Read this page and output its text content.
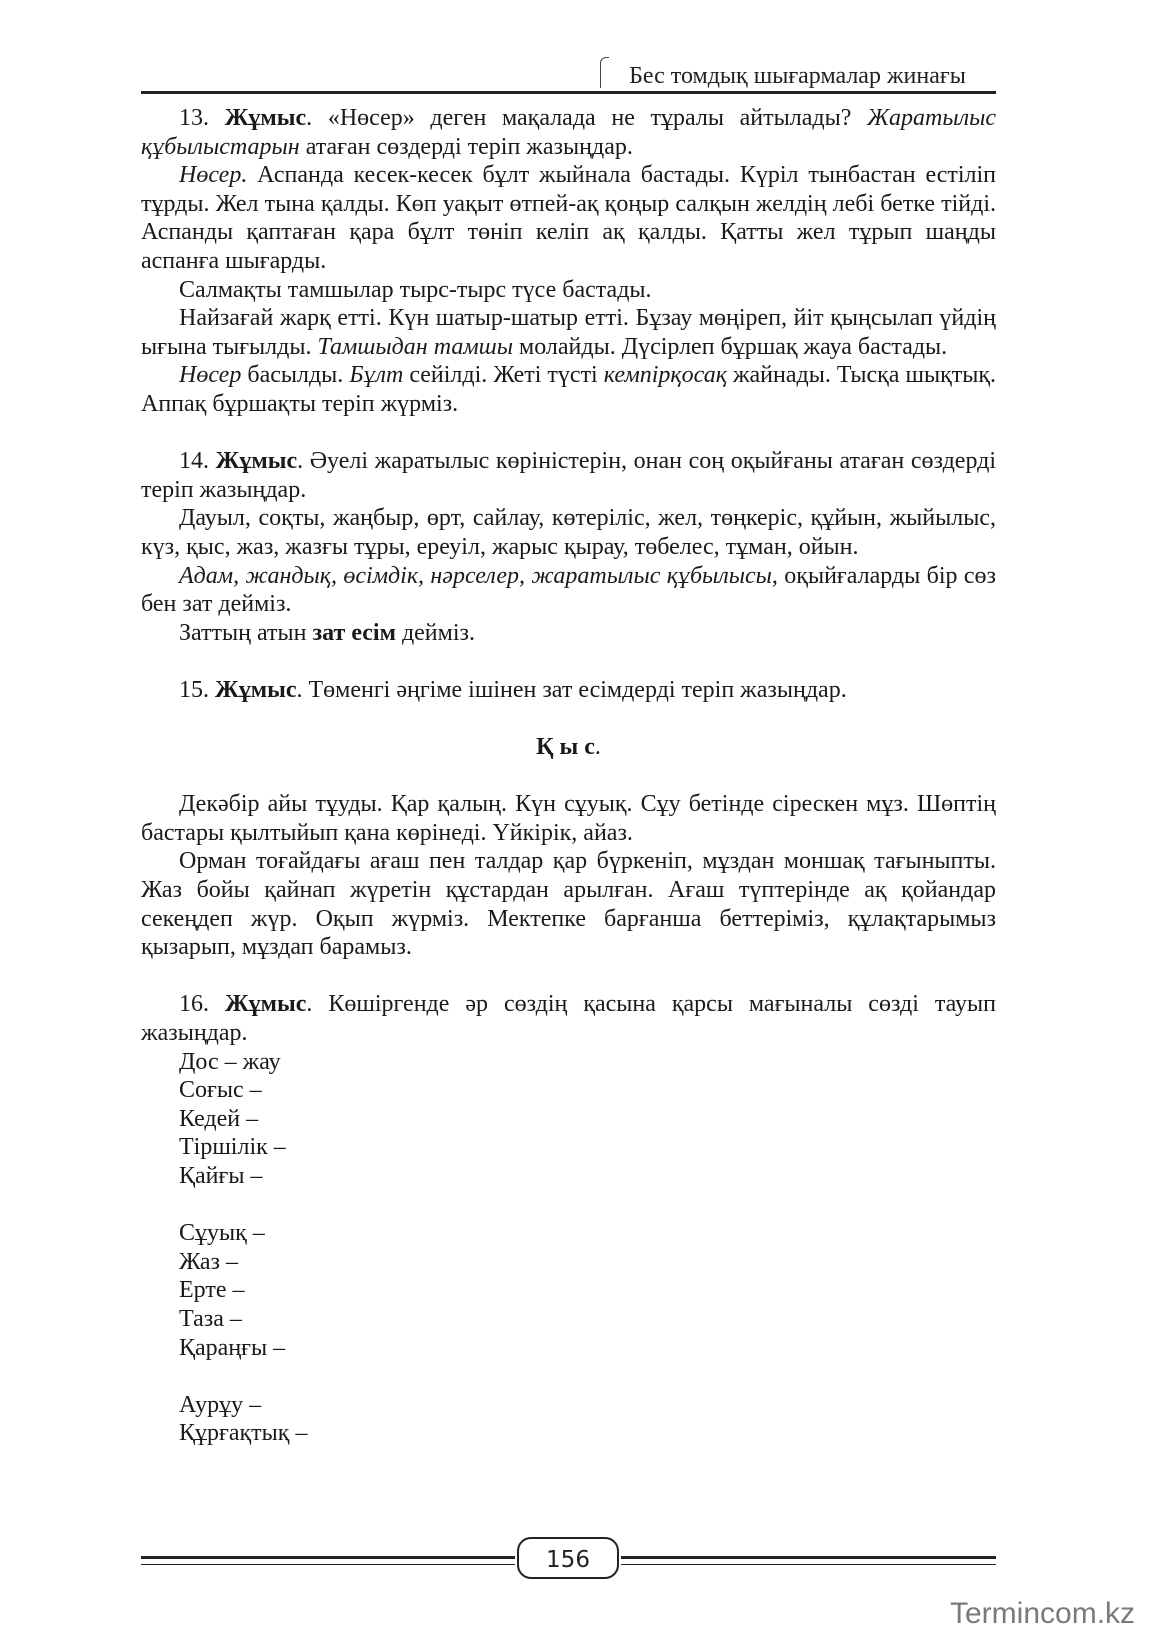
Бес томдық шығармалар жинағы

13. Жұмыс. «Нөсер» деген мақалада не тұралы айтылады? Жаратылыс құбылыстарын атаған сөздерді теріп жазыңдар.

Нөсер. Аспанда кесек-кесек бұлт жыйнала бастады. Күріл тынбастан естіліп тұрды. Жел тына қалды. Көп уақыт өтпей-ақ қоңыр салқын желдің лебі бетке тійді. Аспанды қаптаған қара бұлт төніп келіп ақ қалды. Қатты жел тұрып шаңды аспанға шығарды.

Салмақты тамшылар тырс-тырс түсе бастады.

Найзағай жарқ етті. Күн шатыр-шатыр етті. Бұзау мөңіреп, йіт қыңсылап үйдің ығына тығылды. Тамшыдан тамшы молайды. Дүсірлеп бұршақ жауа бастады.

Нөсер басылды. Бұлт сейілді. Жеті түсті кемпірқосақ жайнады. Тысқа шықтық. Аппақ бұршақты теріп жүрміз.

14. Жұмыс. Әуелі жаратылыс көріністерін, онан соң оқыйғаны атаған сөздерді теріп жазыңдар.

Дауыл, соқты, жаңбыр, өрт, сайлау, көтеріліс, жел, төңкеріс, құйын, жыйылыс, күз, қыс, жаз, жазғы тұры, ереуіл, жарыс қырау, төбелес, тұман, ойын.

Адам, жандық, өсімдік, нәрселер, жаратылыс құбылысы, оқыйғаларды бір сөз бен зат дейміз.

Заттың атын зат есім дейміз.

15. Жұмыс. Төменгі әңгіме ішінен зат есімдерді теріп жазыңдар.

Қ ы с.

Декәбір айы тұуды. Қар қалың. Күн сұуық. Сұу бетінде сірескен мұз. Шөптің бастары қылтыйып қана көрінеді. Үйкірік, айаз.

Орман тоғайдағы ағаш пен талдар қар бүркеніп, мұздан моншақ тағыныпты. Жаз бойы қайнап жүретін құстардан арылған. Ағаш түптерінде ақ қойандар секеңдеп жүр. Оқып жүрміз. Мектепке барғанша беттеріміз, құлақтарымыз қызарып, мұздап барамыз.

16. Жұмыс. Көшіргенде әр сөздің қасына қарсы мағыналы сөзді тауып жазыңдар.

Дос – жау

Соғыс –

Кедей –

Тіршілік –

Қайғы –

Сұуық –

Жаз –

Ерте –

Таза –

Қараңғы –

Аурұу –

Құрғақтық –

156
Termincom.kz
